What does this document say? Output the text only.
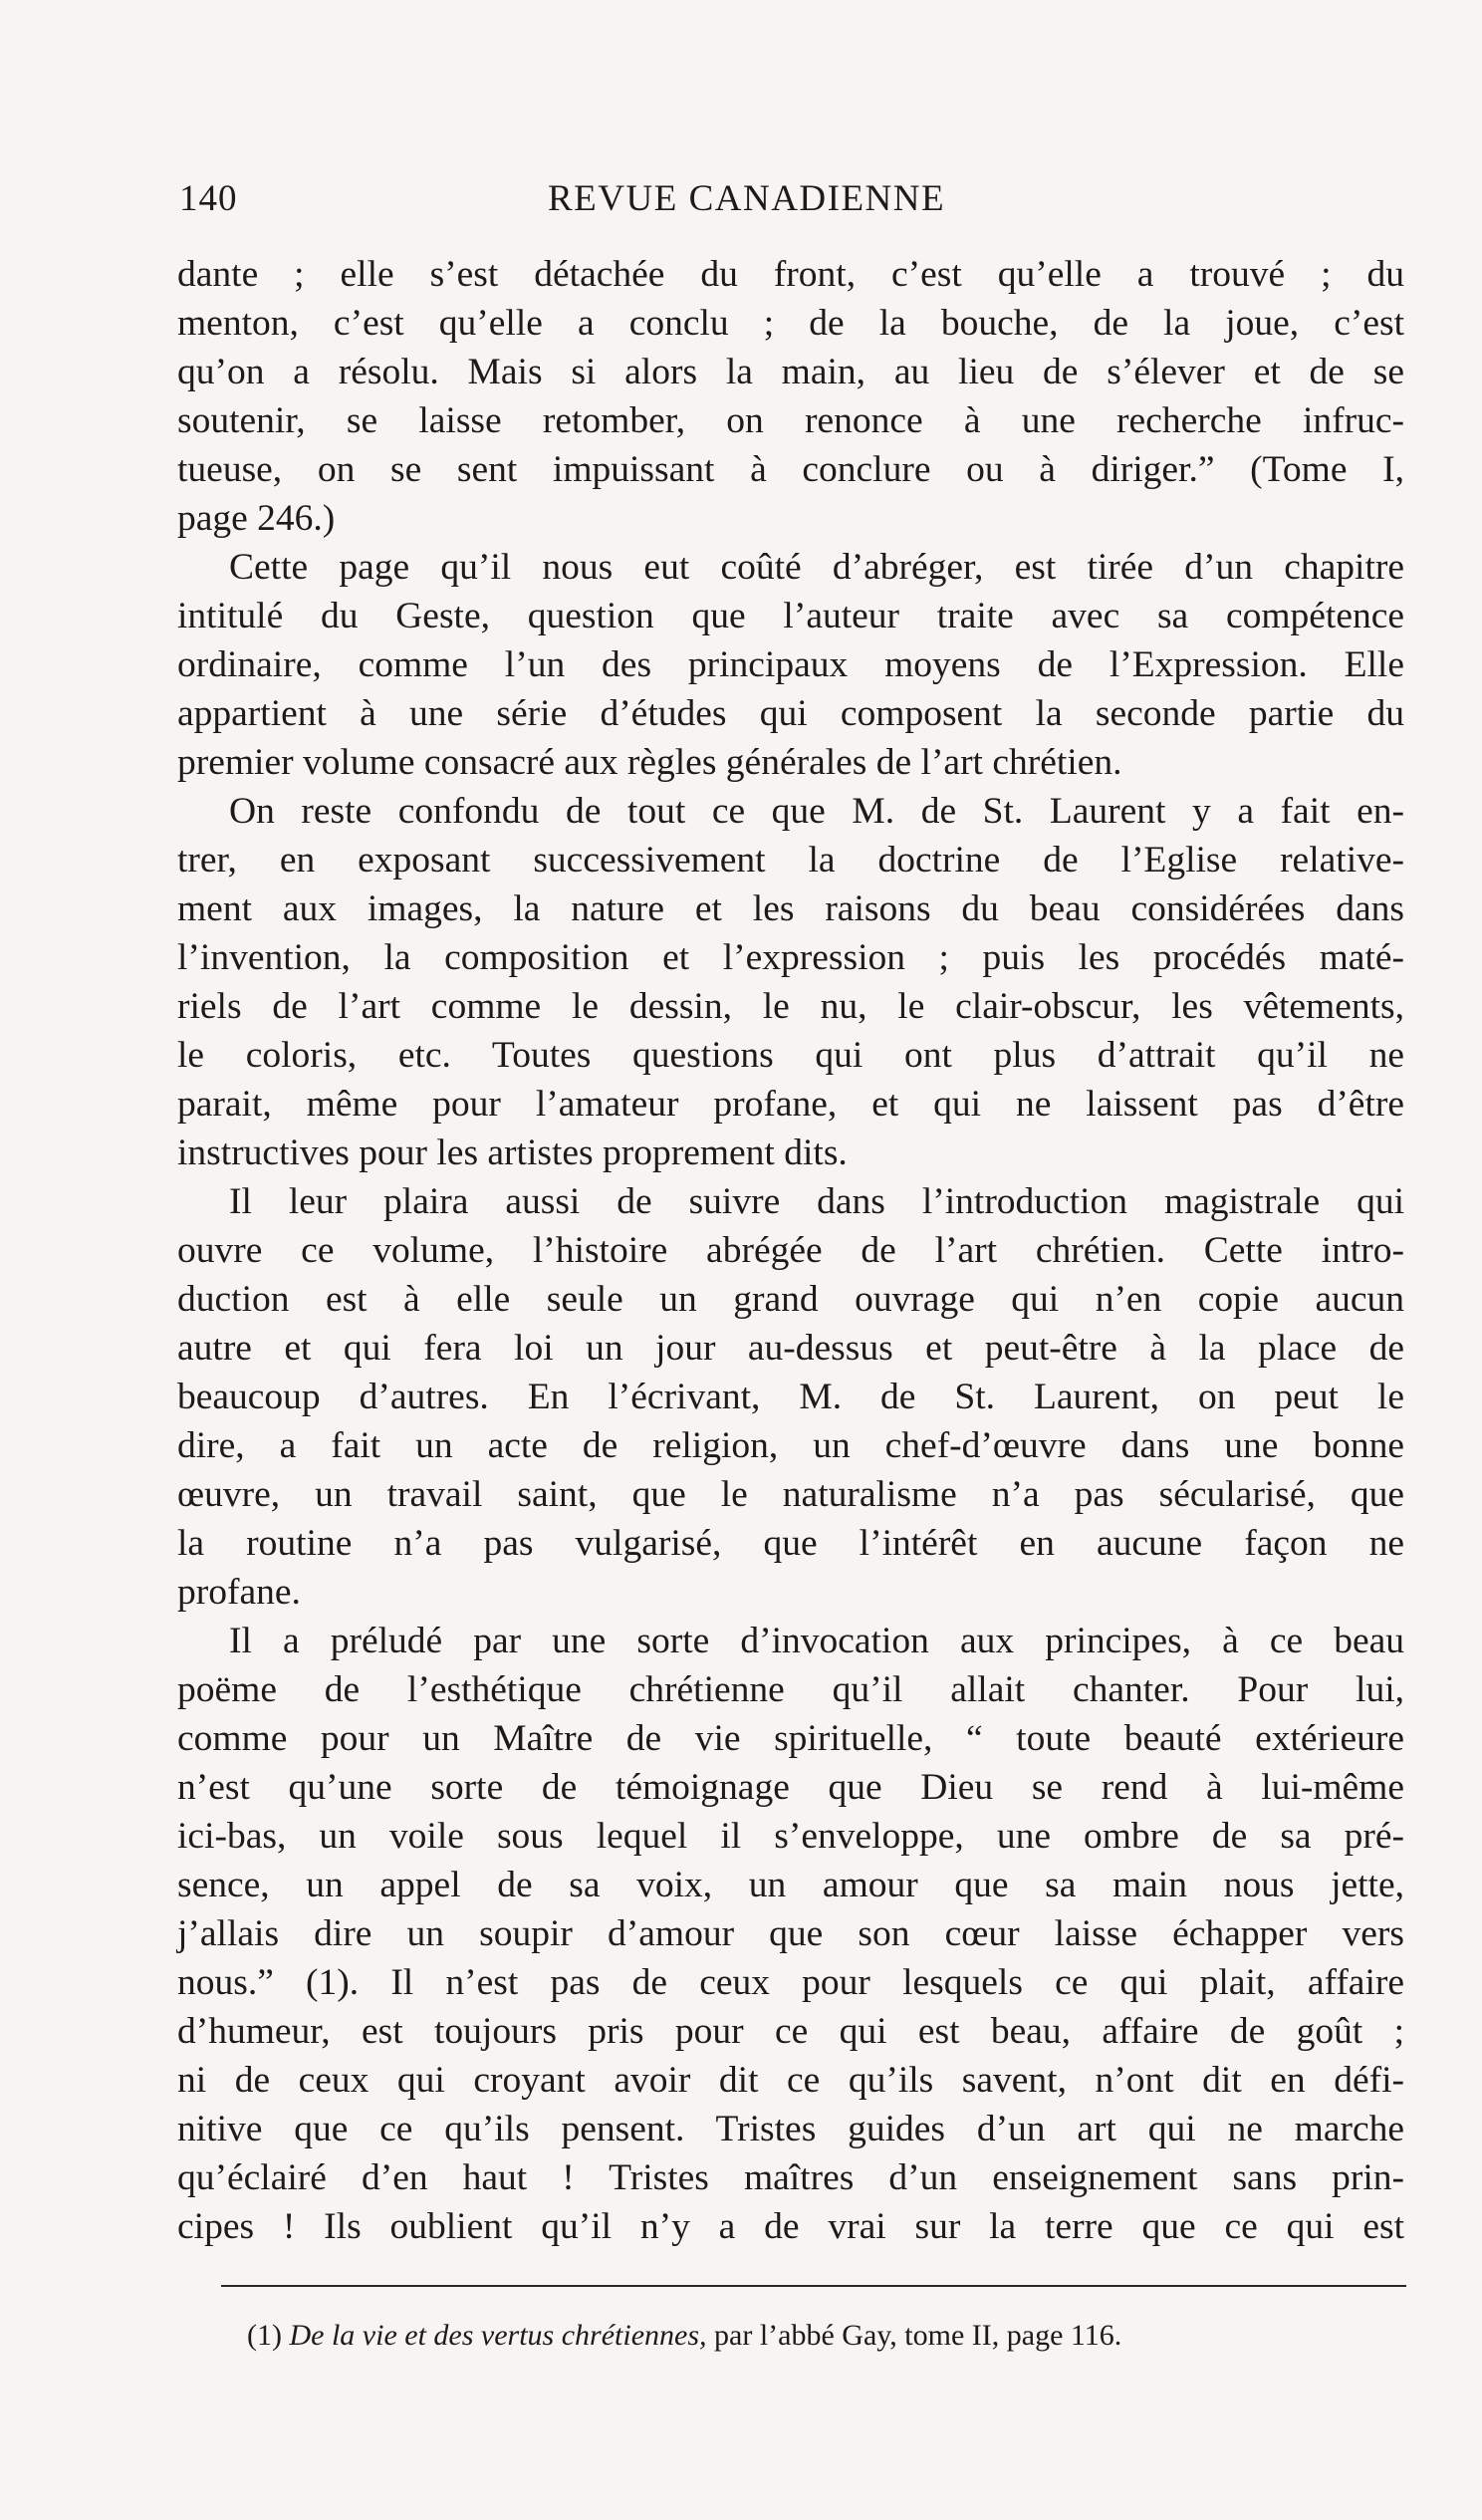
140	REVUE CANADIENNE
dante ; elle s’est détachée du front, c’est qu’elle a trouvé ; du
menton, c’est qu’elle a conclu ; de la bouche, de la joue, c’est
qu’on a résolu. Mais si alors la main, au lieu de s’élever et de se
soutenir, se laisse retomber, on renonce à une recherche infruc-
tueuse, on se sent impuissant à conclure ou à diriger.” (Tome I,
page 246.)
Cette page qu’il nous eut coûté d’abréger, est tirée d’un chapitre
intitulé du Geste, question que l’auteur traite avec sa compétence
ordinaire, comme l’un des principaux moyens de l’Expression. Elle
appartient à une série d’études qui composent la seconde partie du
premier volume consacré aux règles générales de l’art chrétien.
On reste confondu de tout ce que M. de St. Laurent y a fait en-
trer, en exposant successivement la doctrine de l’Eglise relative-
ment aux images, la nature et les raisons du beau considérées dans
l’invention, la composition et l’expression ; puis les procédés maté-
riels de l’art comme le dessin, le nu, le clair-obscur, les vêtements,
le coloris, etc. Toutes questions qui ont plus d’attrait qu’il ne
parait, même pour l’amateur profane, et qui ne laissent pas d’être
instructives pour les artistes proprement dits.
Il leur plaira aussi de suivre dans l’introduction magistrale qui
ouvre ce volume, l’histoire abrégée de l’art chrétien. Cette intro-
duction est à elle seule un grand ouvrage qui n’en copie aucun
autre et qui fera loi un jour au-dessus et peut-être à la place de
beaucoup d’autres. En l’écrivant, M. de St. Laurent, on peut le
dire, a fait un acte de religion, un chef-d’œuvre dans une bonne
œuvre, un travail saint, que le naturalisme n’a pas sécularisé, que
la routine n’a pas vulgarisé, que l’intérêt en aucune façon ne
profane.
Il a préludé par une sorte d’invocation aux principes, à ce beau
poëme de l’esthétique chrétienne qu’il allait chanter. Pour lui,
comme pour un Maître de vie spirituelle, “ toute beauté extérieure
n’est qu’une sorte de témoignage que Dieu se rend à lui-même
ici-bas, un voile sous lequel il s’enveloppe, une ombre de sa pré-
sence, un appel de sa voix, un amour que sa main nous jette,
j’allais dire un soupir d’amour que son cœur laisse échapper vers
nous.” (1). Il n’est pas de ceux pour lesquels ce qui plait, affaire
d’humeur, est toujours pris pour ce qui est beau, affaire de goût ;
ni de ceux qui croyant avoir dit ce qu’ils savent, n’ont dit en défi-
nitive que ce qu’ils pensent. Tristes guides d’un art qui ne marche
qu’éclairé d’en haut ! Tristes maîtres d’un enseignement sans prin-
cipes ! Ils oublient qu’il n’y a de vrai sur la terre que ce qui est
(1) De la vie et des vertus chrétiennes, par l’abbé Gay, tome II, page 116.
